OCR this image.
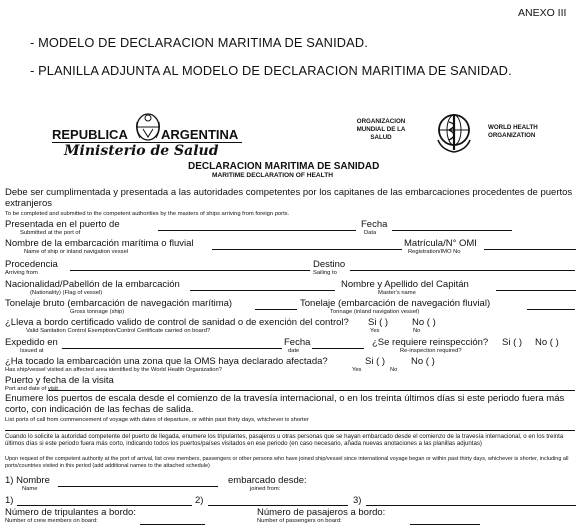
ANEXO III
- MODELO DE DECLARACION MARITIMA DE SANIDAD.
- PLANILLA ADJUNTA AL MODELO DE DECLARACION MARITIMA DE SANIDAD.
REPUBLICA	ARGENTINA
Ministerio de Salud
ORGANIZACION
MUNDIAL DE LA
SALUD
WORLD HEALTH
ORGANIZATION
DECLARACION MARITIMA DE SANIDAD
MARITIME DECLARATION OF HEALTH
Debe ser cumplimentada y presentada a las autoridades competentes por los capitanes de las embarcaciones procedentes de puertos extranjeros
To be completed and submitted to the competent authorities by the masters of ships arriving from foreign ports.
Presentada en el puerto de	Fecha
Submitted at the port of	Data
Nombre de la embarcación marítima o fluvial	Matrícula/N° OMI
Name of ship or inland navigation vessel	Registration/IMO No
Procedencia	Destino
Arriving from	Sailing to
Nacionalidad/Pabellón de la embarcación	Nombre y Apellido del Capitán
(Nationality) (Flag of vessel)	Master's name
Tonelaje bruto (embarcación de navegación marítima)	Tonelaje (embarcación de navegación fluvial)
Gross tonnage (ship)	Tonnage (inland navigation vessel)
¿Lleva a bordo certificado valido de control de sanidad o de exención del control? Si ( )	No ( )
Valid Sanitation Control Exemption/Control Certificate carried on board?	Yes	No
Expedido en	Fecha	¿Se requiere reinspección? Si ( ) No ( )
Issued at	date	Re-inspection required?
¿Ha tocado la embarcación una zona que la OMS haya declarado afectada?	Si ( )	No ( )
Has ship/vessel visited an affected area identified by the World Health Organization?	Yes	No
Puerto y fecha de la visita
Port and date of visit
Enumere los puertos de escala desde el comienzo de la travesía internacional, o en los treinta últimos días si este periodo fuera más corto, con indicación de las fechas de salida.
List ports of call from commencement of voyage with dates of departure, or within past thirty days, whichever is shorter
Cuando lo solicite la autoridad competente del puerto de llegada, enumere los tripulantes, pasajeros u otras personas que se hayan embarcado desde el comienzo de la travesía internacional, o en los treinta últimos días si este periodo fuera más corto, indicando todos los puertos/países visitados en ese periodo (en caso necesario, añada nuevas anotaciones a las planillas adjuntas)
Upon request of the competent authority at the port of arrival, list crew members, passengers or other persons who have joined ship/vessel since international voyage began or within past thirty days, whichever is shorter, including all ports/countries visited in this period (add additional names to the attached schedule)
1) Nombre	embarcado desde:
Name	joined from:
1)	2)	3)
Número de tripulantes a bordo:	Número de pasajeros a bordo:
Number of crew members on board:	Number of passengers on board:
